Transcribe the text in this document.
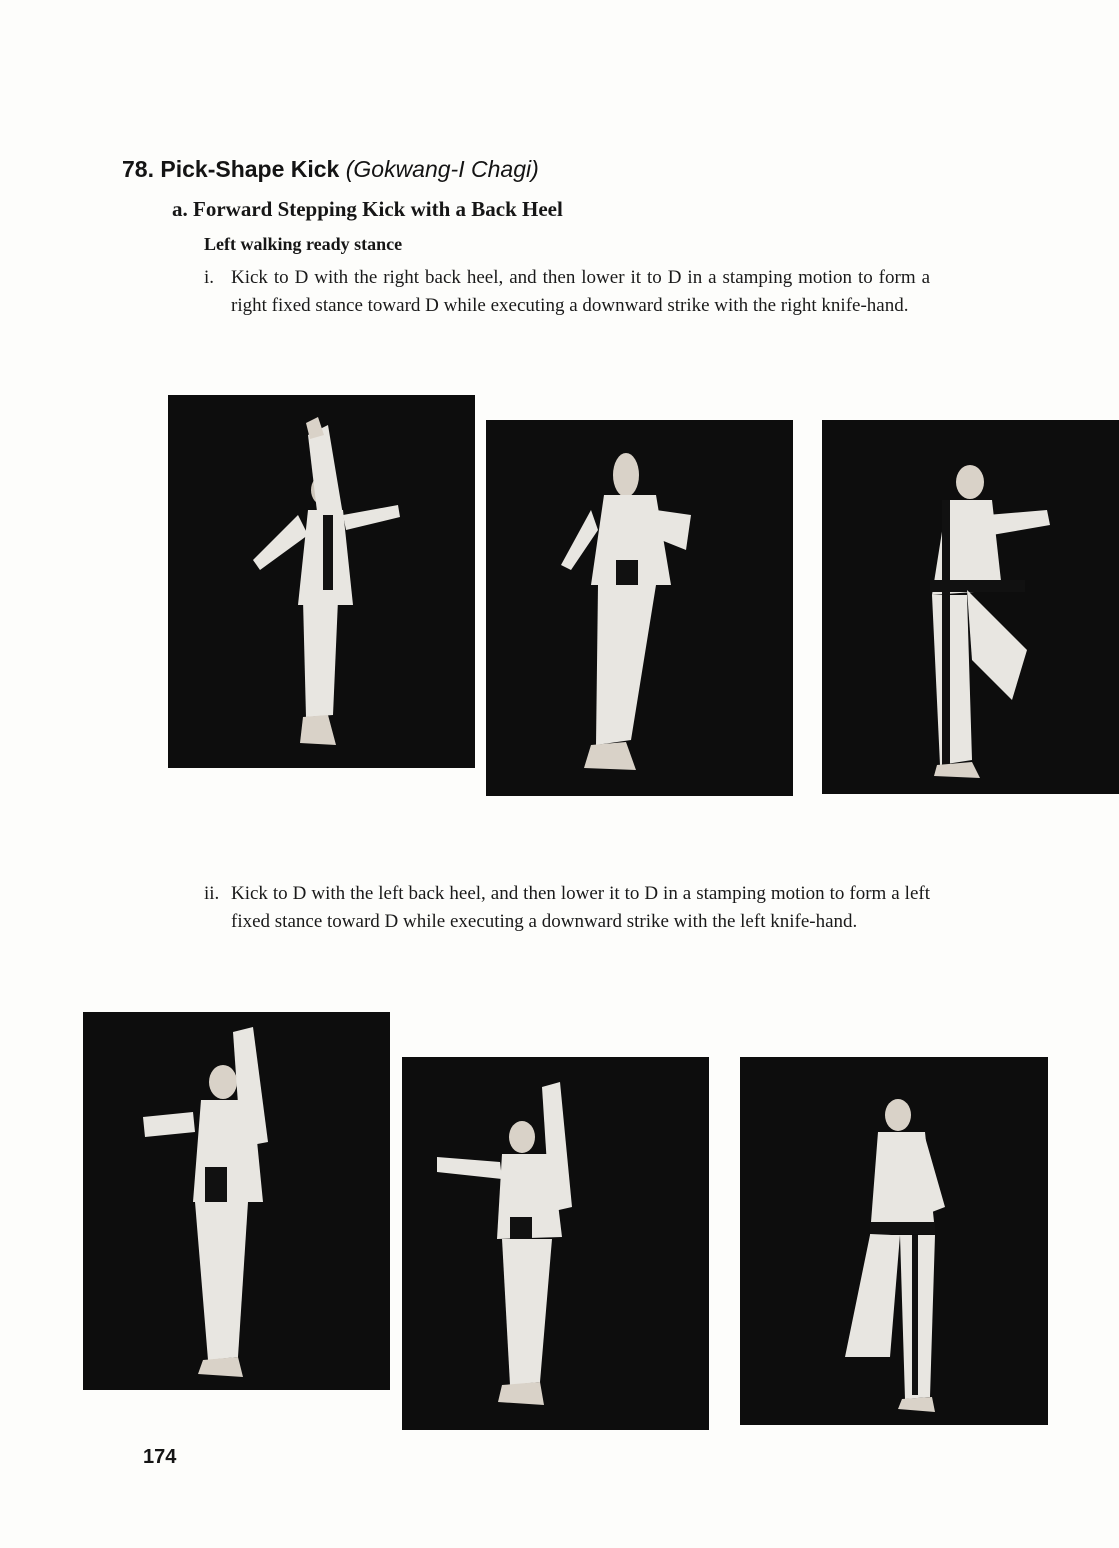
78. Pick-Shape Kick (Gokwang-I Chagi)
a. Forward Stepping Kick with a Back Heel
Left walking ready stance
i. Kick to D with the right back heel, and then lower it to D in a stamping motion to form a right fixed stance toward D while executing a downward strike with the right knife-hand.
ii. Kick to D with the left back heel, and then lower it to D in a stamping motion to form a left fixed stance toward D while executing a downward strike with the left knife-hand.
174
